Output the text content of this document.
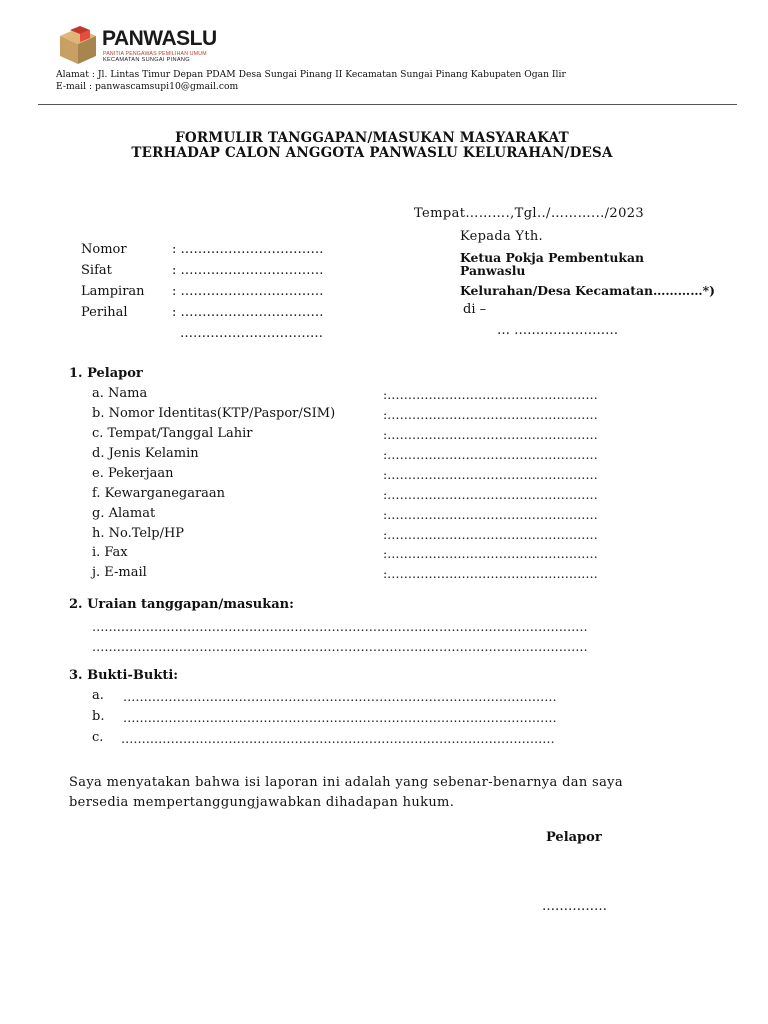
PANWASLU
PANITIA PENGAWAS PEMILIHAN UMUM
KECAMATAN SUNGAI PINANG
Alamat : Jl. Lintas Timur Depan PDAM Desa Sungai Pinang II Kecamatan Sungai Pinang Kabupaten Ogan Ilir
E-mail : panwascamsupi10@gmail.com
FORMULIR TANGGAPAN/MASUKAN MASYARAKAT
TERHADAP CALON ANGGOTA PANWASLU KELURAHAN/DESA
Tempat……….,Tgl../……….../2023
Kepada Yth.
Ketua Pokja Pembentukan
Panwaslu
Kelurahan/Desa Kecamatan…………*)
di –
… ……………………
Nomor	: ……………………………
Sifat	: ……………………………
Lampiran : ……………………………
Perihal	: ……………………………
……………………………
1. Pelapor
a. Nama	:……………………………………………
b. Nomor Identitas(KTP/Paspor/SIM)	:……………………………………………
c. Tempat/Tanggal Lahir	:……………………………………………
d. Jenis Kelamin	:……………………………………………
e. Pekerjaan	:……………………………………………
f. Kewarganegaraan	:……………………………………………
g. Alamat	:……………………………………………
h. No.Telp/HP	:……………………………………………
i. Fax	:……………………………………………
j. E-mail	:……………………………………………
2. Uraian tanggapan/masukan:
…………………………………………………………………………………………………………
…………………………………………………………………………………………………………
3. Bukti-Bukti:
a. ……………………………………………………………………………………………
b. ……………………………………………………………………………………………
c. ……………………………………………………………………………………………
Saya menyatakan bahwa isi laporan ini adalah yang sebenar-benarnya dan saya
bersedia mempertanggungjawabkan dihadapan hukum.
Pelapor
……………
